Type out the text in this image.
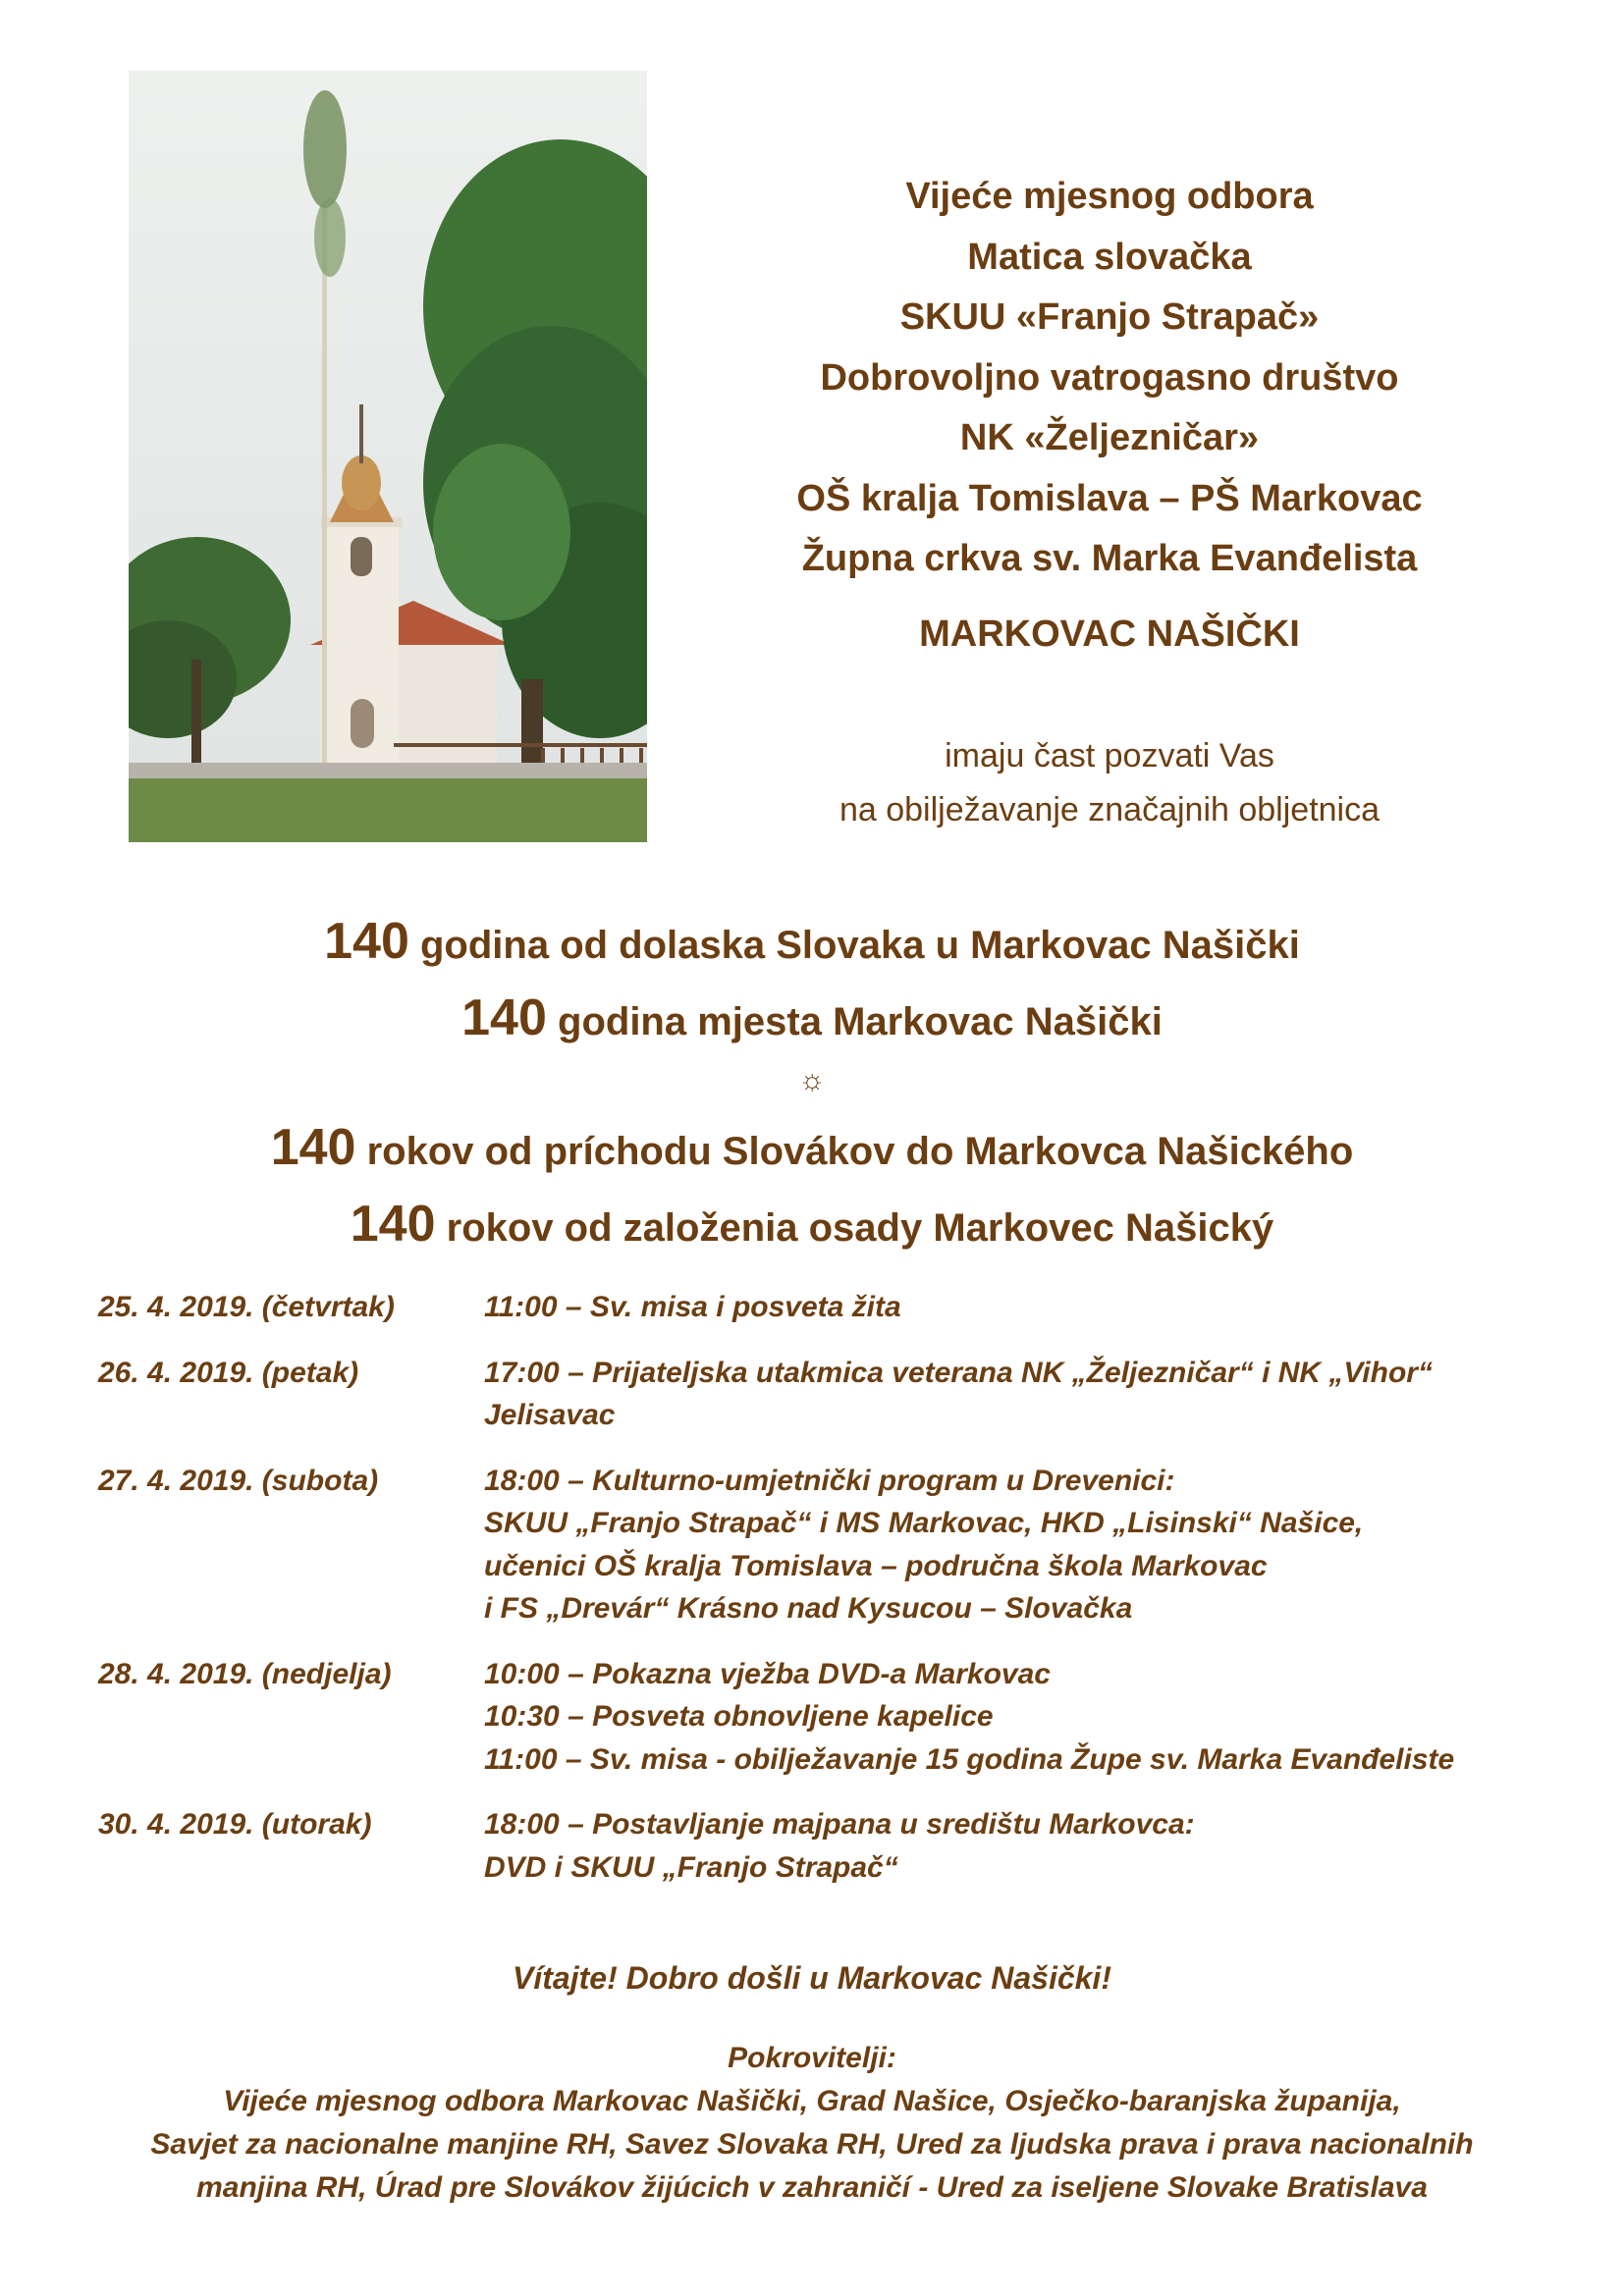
Vijeće mjesnog odbora
Matica slovačka
SKUU «Franjo Strapač»
Dobrovoljno vatrogasno društvo
NK «Željezničar»
OŠ kralja Tomislava – PŠ Markovac
Župna crkva sv. Marka Evanđelista
MARKOVAC NAŠIČKI
imaju čast pozvati Vas
na obilježavanje značajnih obljetnica
140 godina od dolaska Slovaka u Markovac Našički
140 godina mjesta Markovac Našički
☼
140 rokov od príchodu Slovákov do Markovca Našického
140 rokov od založenia osady Markovec Našický
25. 4. 2019. (četvrtak)	11:00 – Sv. misa i posveta žita
26. 4. 2019. (petak)	17:00 – Prijateljska utakmica veterana NK „Željezničar“ i NK „Vihor“
Jelisavac
27. 4. 2019. (subota)	18:00 – Kulturno-umjetnički program u Drevenici:
SKUU „Franjo Strapač“ i MS Markovac, HKD „Lisinski“ Našice,
učenici OŠ kralja Tomislava – područna škola Markovac
i FS „Drevár“ Krásno nad Kysucou – Slovačka
28. 4. 2019. (nedjelja)	10:00 – Pokazna vježba DVD-a Markovac
10:30 – Posveta obnovljene kapelice
11:00 – Sv. misa - obilježavanje 15 godina Župe sv. Marka Evanđeliste
30. 4. 2019. (utorak)	18:00 – Postavljanje majpana u središtu Markovca:
DVD i SKUU „Franjo Strapač“
Vítajte! Dobro došli u Markovac Našički!
Pokrovitelji:
Vijeće mjesnog odbora Markovac Našički, Grad Našice, Osječko-baranjska županija,
Savjet za nacionalne manjine RH, Savez Slovaka RH, Ured za ljudska prava i prava nacionalnih
manjina RH, Úrad pre Slovákov žijúcich v zahraničí - Ured za iseljene Slovake Bratislava
